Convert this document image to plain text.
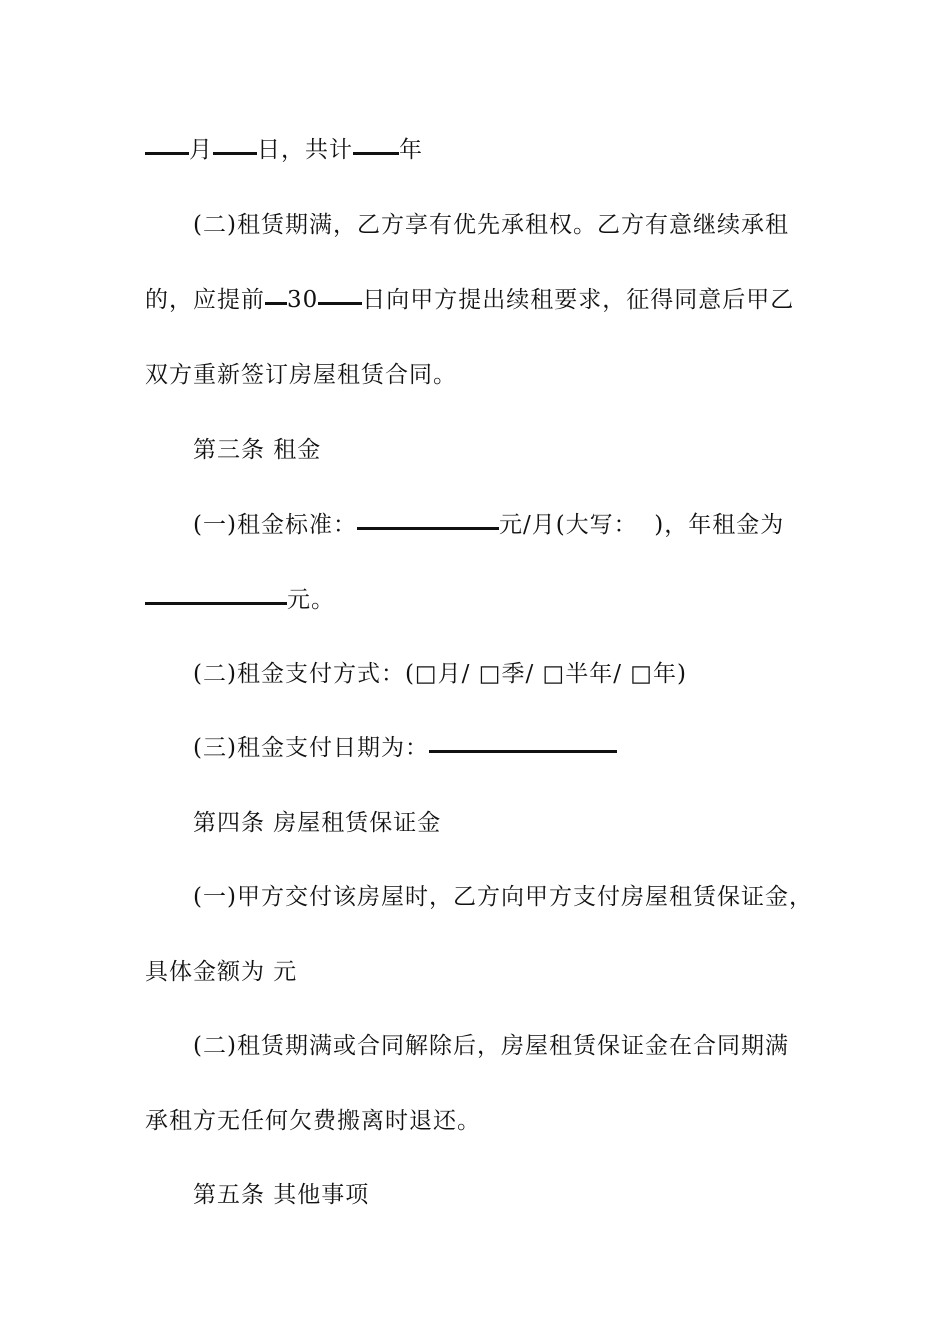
月 日，共计 年
(二)租赁期满，乙方享有优先承租权。乙方有意继续承租
的，应提前 30 日向甲方提出续租要求，征得同意后甲乙
双方重新签订房屋租赁合同。
第三条 租金
(一)租金标准：	元/月(大写：  )，年租金为
元。
(二)租金支付方式：(□月/ □季/ □半年/ □年)
(三)租金支付日期为：
第四条 房屋租赁保证金
(一)甲方交付该房屋时，乙方向甲方支付房屋租赁保证金，
具体金额为 元
(二)租赁期满或合同解除后，房屋租赁保证金在合同期满
承租方无任何欠费搬离时退还。
第五条 其他事项
